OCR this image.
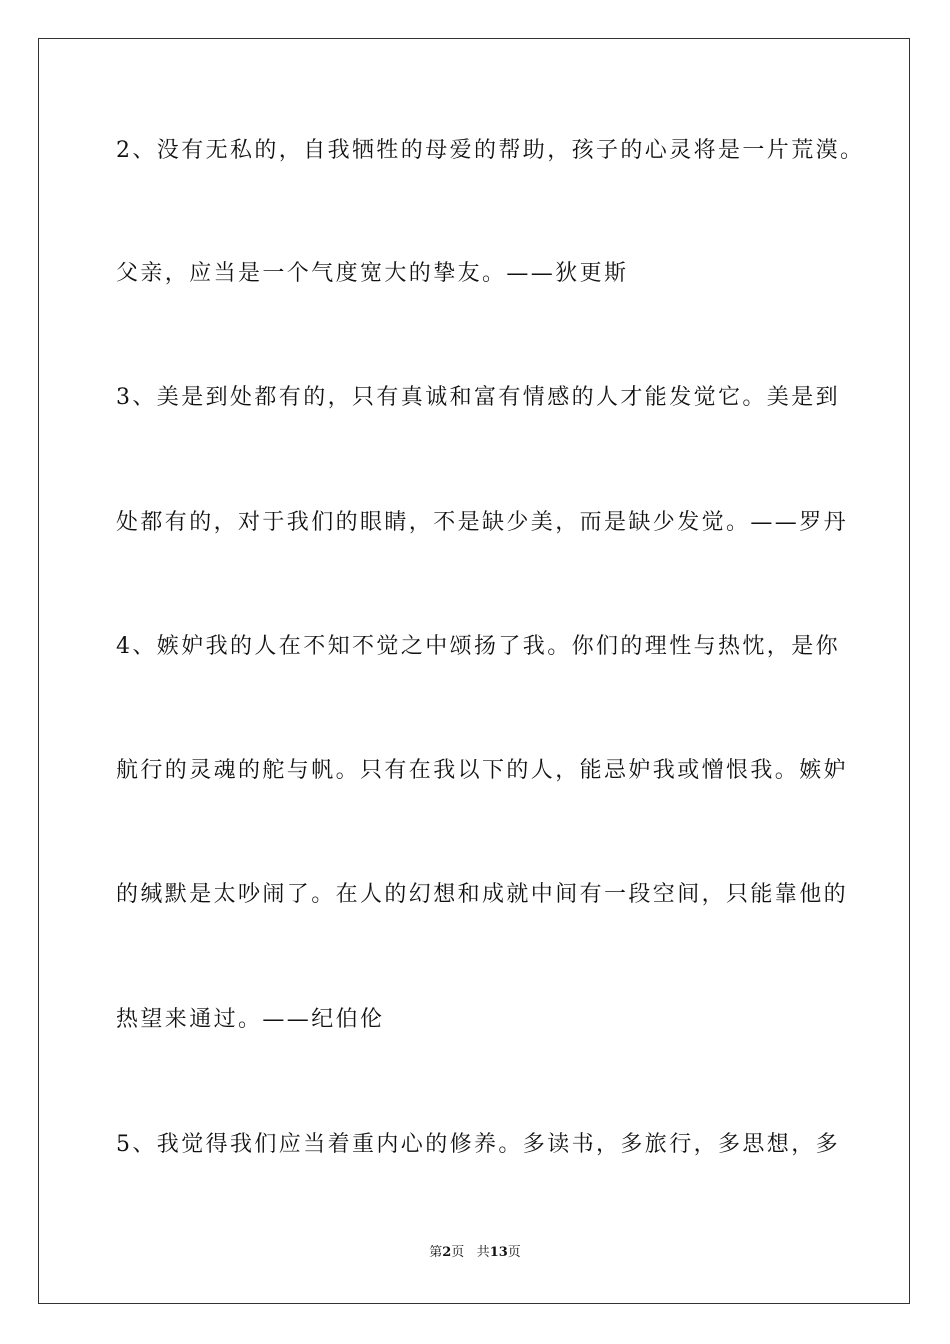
2、没有无私的，自我牺牲的母爱的帮助，孩子的心灵将是一片荒漠。
父亲，应当是一个气度宽大的挚友。——狄更斯
3、美是到处都有的，只有真诚和富有情感的人才能发觉它。美是到
处都有的，对于我们的眼睛，不是缺少美，而是缺少发觉。——罗丹
4、嫉妒我的人在不知不觉之中颂扬了我。你们的理性与热忱，是你
航行的灵魂的舵与帆。只有在我以下的人，能忌妒我或憎恨我。嫉妒
的缄默是太吵闹了。在人的幻想和成就中间有一段空间，只能靠他的
热望来通过。——纪伯伦
5、我觉得我们应当着重内心的修养。多读书，多旅行，多思想，多
第2页 共13页
